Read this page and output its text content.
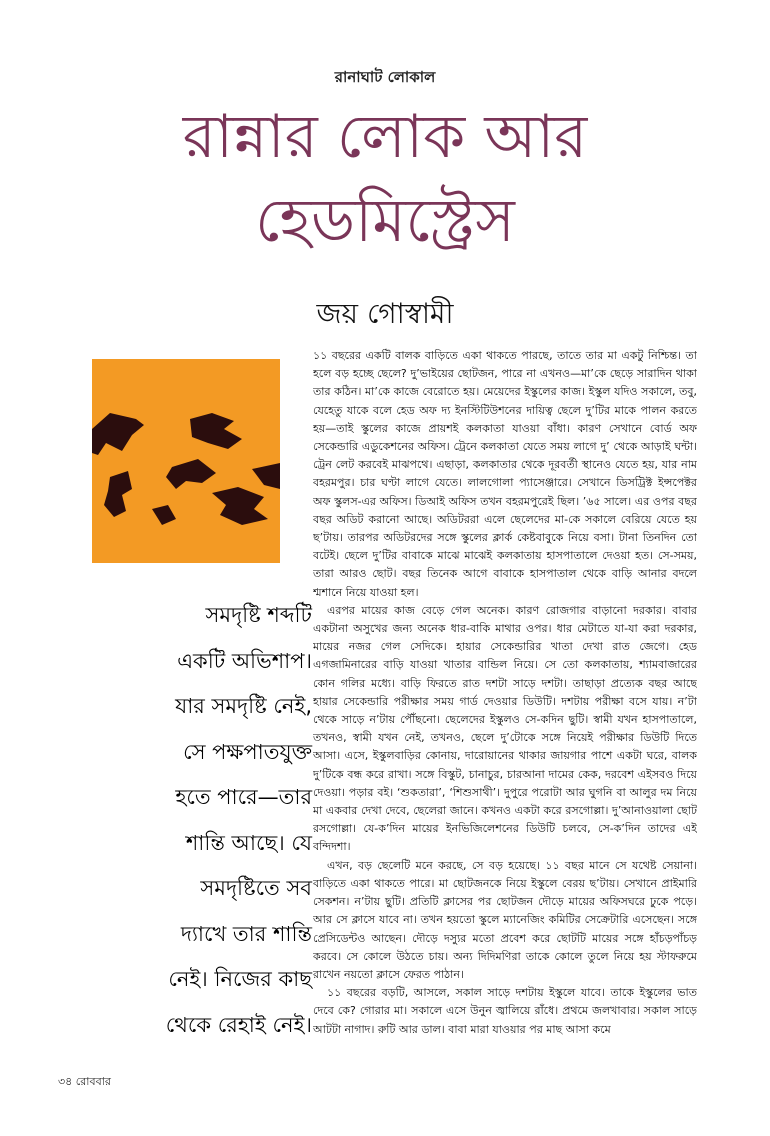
রানাঘাট লোকাল
রান্নার লোক আর
হেডমিস্ট্রেস
জয় গোস্বামী
সমদৃষ্টি শব্দটি
একটি অভিশাপ।
যার সমদৃষ্টি নেই,
সে পক্ষপাতযুক্ত
হতে পারে—তার
শান্তি আছে। যে
সমদৃষ্টিতে সব
দ্যাখে তার শান্তি
নেই। নিজের কাছ
থেকে রেহাই নেই।

১১ বছরের একটি বালক বাড়িতে একা থাকতে পারছে, তাতে তার মা একটু নিশ্চিন্ত। তা হলে বড় হচ্ছে ছেলে? দু’ভাইয়ের ছোটজন, পারে না এখনও—মা’কে ছেড়ে সারাদিন থাকা তার কঠিন। মা’কে কাজে বেরোতে হয়। মেয়েদের ইস্কুলের কাজ। ইস্কুল যদিও সকালে, তবু, যেহেতু যাকে বলে হেড অফ দ্য ইনস্টিটিউশনের দায়িত্ব ছেলে দু’টির মাকে পালন করতে হয়—তাই স্কুলের কাজে প্রায়শই কলকাতা যাওয়া বাঁধা। কারণ সেখানে বোর্ড অফ সেকেন্ডারি এডুকেশনের অফিস। ট্রেনে কলকাতা যেতে সময় লাগে দু’ থেকে আড়াই ঘন্টা। ট্রেন লেট করবেই মাঝপথে। এছাড়া, কলকাতার থেকে দূরবর্তী স্থানেও যেতে হয়, যার নাম বহরমপুর। চার ঘণ্টা লাগে যেতে। লালগোলা প্যাসেঞ্জারে। সেখানে ডিসট্রিক্ট ইন্সপেক্টর অফ স্কুলস-এর অফিস। ডিআই অফিস তখন বহরমপুরেই ছিল। ’৬৫ সালে। এর ওপর বছর বছর অডিট করানো আছে। অডিটররা এলে ছেলেদের মা-কে সকালে বেরিয়ে যেতে হয় ছ’টায়। তারপর অডিটরদের সঙ্গে স্কুলের ক্লার্ক কেষ্টবাবুকে নিয়ে বসা। টানা তিনদিন তো বটেই। ছেলে দু’টির বাবাকে মাঝে মাঝেই কলকাতায় হাসপাতালে দেওয়া হত। সে-সময়, তারা আরও ছোট। বছর তিনেক আগে বাবাকে হাসপাতাল থেকে বাড়ি আনার বদলে শ্মশানে নিয়ে যাওয়া হল।

এরপর মায়ের কাজ বেড়ে গেল অনেক। কারণ রোজগার বাড়ানো দরকার। বাবার একটানা অসুখের জন্য অনেক ধার-বাকি মাথার ওপর। ধার মেটাতে যা-যা করা দরকার, মায়ের নজর গেল সেদিকে। হায়ার সেকেন্ডারির খাতা দেখা রাত জেগে। হেড এগজামিনারের বাড়ি যাওয়া খাতার বান্ডিল নিয়ে। সে তো কলকাতায়, শ্যামবাজারের কোন গলির মধ্যে। বাড়ি ফিরতে রাত দশটা সাড়ে দশটা। তাছাড়া প্রত্যেক বছর আছে হায়ার সেকেন্ডারি পরীক্ষার সময় গার্ড দেওয়ার ডিউটি। দশটায় পরীক্ষা বসে যায়। ন’টা থেকে সাড়ে ন’টায় পৌঁছনো। ছেলেদের ইস্কুলও সে-কদিন ছুটি। স্বামী যখন হাসপাতালে, তখনও, স্বামী যখন নেই, তখনও, ছেলে দু’টোকে সঙ্গে নিয়েই পরীক্ষার ডিউটি দিতে আসা। এসে, ইস্কুলবাড়ির কোনায়, দারোয়ানের থাকার জায়গার পাশে একটা ঘরে, বালক দু’টিকে বন্ধ করে রাখা। সঙ্গে বিস্কুট, চানাচুর, চারআনা দামের কেক, দরবেশ এইসবও দিয়ে দেওয়া। পড়ার বই। ‘শুকতারা’, ‘শিশুসাথী’। দুপুরে পরোটা আর ঘুগনি বা আলুর দম নিয়ে মা একবার দেখা দেবে, ছেলেরা জানে। কখনও একটা করে রসগোল্লা। দু’আনাওয়ালা ছোট রসগোল্লা। যে-ক’দিন মায়ের ইনভিজিলেশনের ডিউটি চলবে, সে-ক’দিন তাদের এই বন্দিদশা।

এখন, বড় ছেলেটি মনে করছে, সে বড় হয়েছে। ১১ বছর মানে সে যথেষ্ট সেয়ানা। বাড়িতে একা থাকতে পারে। মা ছোটজনকে নিয়ে ইস্কুলে বেরয় ছ’টায়। সেখানে প্রাইমারি সেকশন। ন’টায় ছুটি। প্রতিটি ক্লাসের পর ছোটজন দৌড়ে মায়ের অফিসঘরে ঢুকে পড়ে। আর সে ক্লাসে যাবে না। তখন হয়তো স্কুলে ম্যানেজিং কমিটির সেক্রেটারি এসেছেন। সঙ্গে প্রেসিডেন্টও আছেন। দৌড়ে দস্যুর মতো প্রবেশ করে ছোটটি মায়ের সঙ্গে হাঁচড়পাঁচড় করবে। সে কোলে উঠতে চায়। অন্য দিদিমণিরা তাকে কোলে তুলে নিয়ে হয় স্টাফরুমে রাখেন নয়তো ক্লাসে ফেরত পাঠান।

১১ বছরের বড়টি, আসলে, সকাল সাড়ে দশটায় ইস্কুলে যাবে। তাকে ইস্কুলের ভাত দেবে কে? গোরার মা। সকালে এসে উনুন জ্বালিয়ে রাঁধে। প্রথমে জলখাবার। সকাল সাড়ে আটটা নাগাদ। রুটি আর ডাল। বাবা মারা যাওয়ার পর মাছ আসা কমে

৩৪ রোববার
